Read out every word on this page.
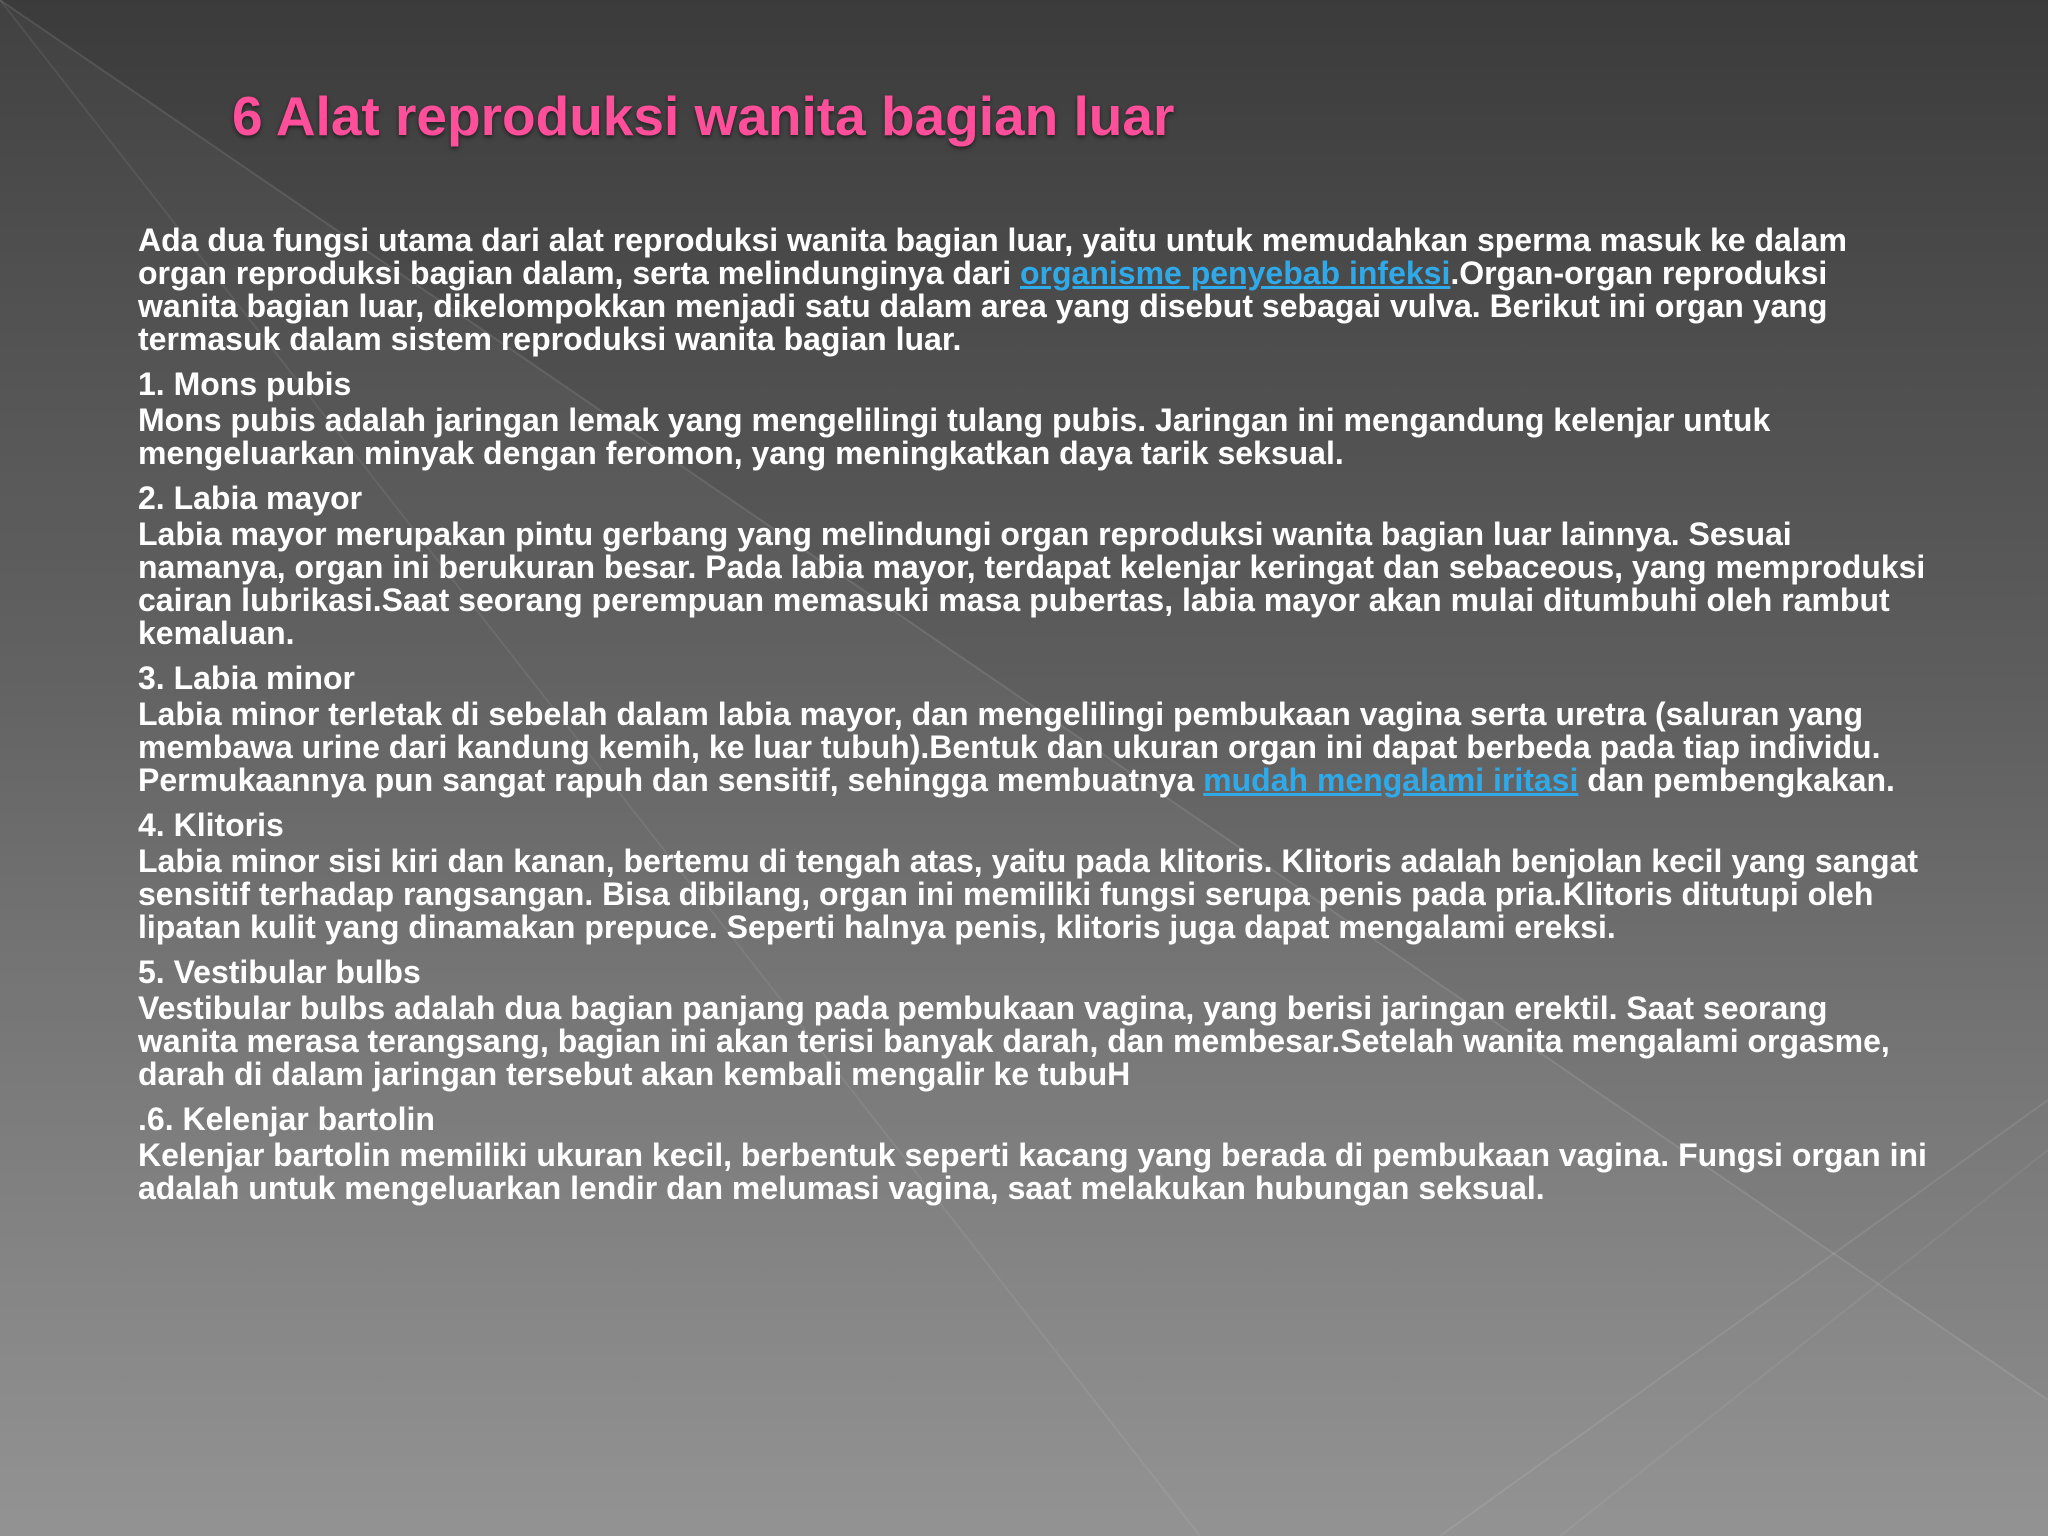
6 Alat reproduksi wanita bagian luar

Ada dua fungsi utama dari alat reproduksi wanita bagian luar, yaitu untuk memudahkan sperma masuk ke dalam organ reproduksi bagian dalam, serta melindunginya dari organisme penyebab infeksi.Organ-organ reproduksi wanita bagian luar, dikelompokkan menjadi satu dalam area yang disebut sebagai vulva. Berikut ini organ yang termasuk dalam sistem reproduksi wanita bagian luar.

1. Mons pubis

Mons pubis adalah jaringan lemak yang mengelilingi tulang pubis. Jaringan ini mengandung kelenjar untuk mengeluarkan minyak dengan feromon, yang meningkatkan daya tarik seksual.

2. Labia mayor

Labia mayor merupakan pintu gerbang yang melindungi organ reproduksi wanita bagian luar lainnya. Sesuai namanya, organ ini berukuran besar. Pada labia mayor, terdapat kelenjar keringat dan sebaceous, yang memproduksi cairan lubrikasi.Saat seorang perempuan memasuki masa pubertas, labia mayor akan mulai ditumbuhi oleh rambut kemaluan.

3. Labia minor

Labia minor terletak di sebelah dalam labia mayor, dan mengelilingi pembukaan vagina serta uretra (saluran yang membawa urine dari kandung kemih, ke luar tubuh).Bentuk dan ukuran organ ini dapat berbeda pada tiap individu. Permukaannya pun sangat rapuh dan sensitif, sehingga membuatnya mudah mengalami iritasi dan pembengkakan.

4. Klitoris

Labia minor sisi kiri dan kanan, bertemu di tengah atas, yaitu pada klitoris. Klitoris adalah benjolan kecil yang sangat sensitif terhadap rangsangan. Bisa dibilang, organ ini memiliki fungsi serupa penis pada pria.Klitoris ditutupi oleh lipatan kulit yang dinamakan prepuce. Seperti halnya penis, klitoris juga dapat mengalami ereksi.

5. Vestibular bulbs

Vestibular bulbs adalah dua bagian panjang pada pembukaan vagina, yang berisi jaringan erektil. Saat seorang wanita merasa terangsang, bagian ini akan terisi banyak darah, dan membesar.Setelah wanita mengalami orgasme, darah di dalam jaringan tersebut akan kembali mengalir ke tubuH

.6. Kelenjar bartolin

Kelenjar bartolin memiliki ukuran kecil, berbentuk seperti kacang yang berada di pembukaan vagina. Fungsi organ ini adalah untuk mengeluarkan lendir dan melumasi vagina, saat melakukan hubungan seksual.
